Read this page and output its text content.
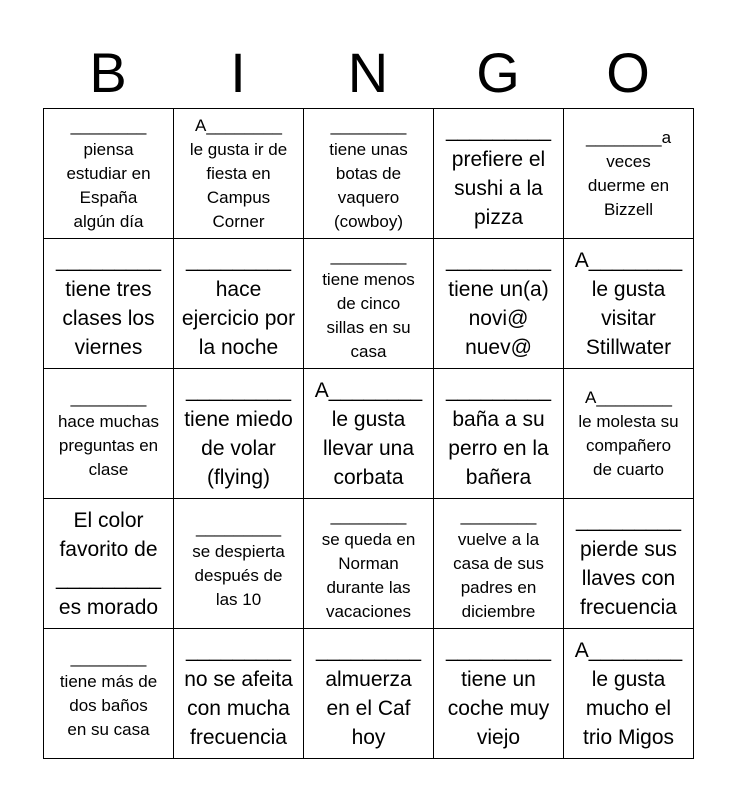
B	I	N	G	O
________
piensa
estudiar en
España
algún día	A________
le gusta ir de
fiesta en
Campus
Corner	________
tiene unas
botas de
vaquero
(cowboy)	_________
prefiere el
sushi a la
pizza	________a
veces
duerme en
Bizzell

_________
tiene tres
clases los
viernes	_________
hace
ejercicio por
la noche	________
tiene menos
de cinco
sillas en su
casa	_________
tiene un(a)
novi@
nuev@	A________
le gusta
visitar
Stillwater

________
hace muchas
preguntas en
clase	_________
tiene miedo
de volar
(flying)	A________
le gusta
llevar una
corbata	_________
baña a su
perro en la
bañera	A________
le molesta su
compañero
de cuarto

El color
favorito de
_________
es morado	_________
se despierta
después de
las 10	________
se queda en
Norman
durante las
vacaciones	________
vuelve a la
casa de sus
padres en
diciembre	_________
pierde sus
llaves con
frecuencia

________
tiene más de
dos baños
en su casa	_________
no se afeita
con mucha
frecuencia	_________
almuerza
en el Caf
hoy	_________
tiene un
coche muy
viejo	A________
le gusta
mucho el
trio Migos
